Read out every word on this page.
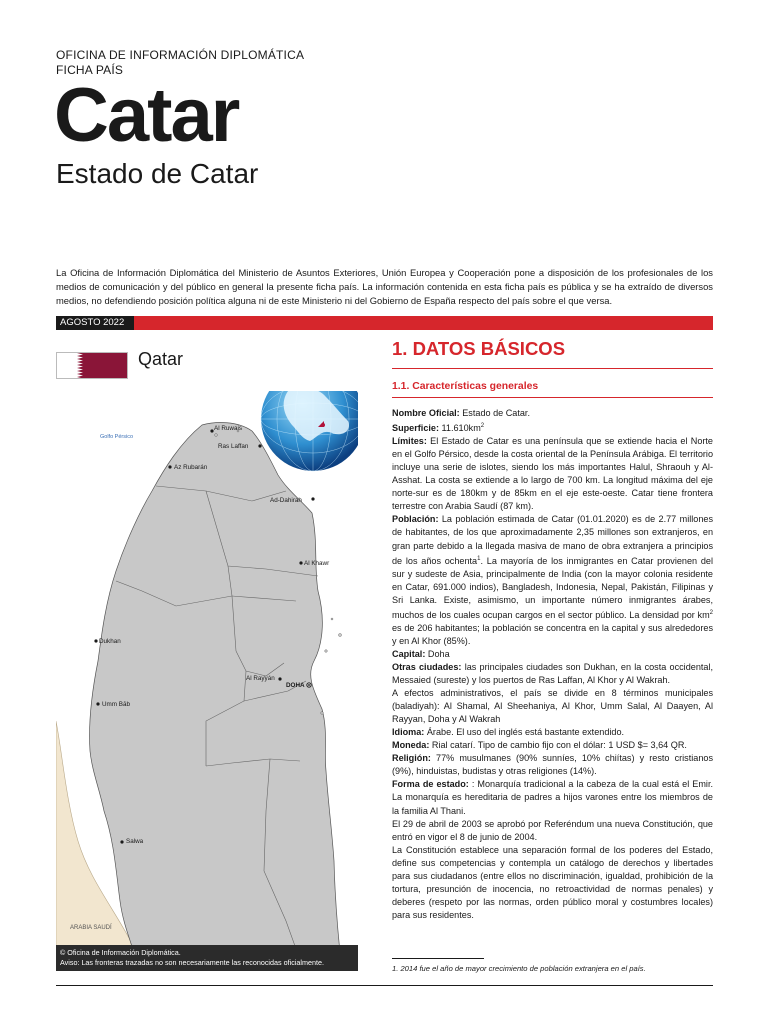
OFICINA DE INFORMACIÓN DIPLOMÁTICA
FICHA PAÍS
Catar
Estado de Catar
La Oficina de Información Diplomática del Ministerio de Asuntos Exteriores, Unión Europea y Cooperación pone a disposición de los profesionales de los medios de comunicación y del público en general la presente ficha país. La información contenida en esta ficha país es pública y se ha extraído de diversos medios, no defendiendo posición política alguna ni de este Ministerio ni del Gobierno de España respecto del país sobre el que versa.
AGOSTO 2022
Qatar
Golfo Pérsico
Al Ruwais
Ras Laffan
Az Rubarán
Ad-Dahirah
Al Khawr
Dukhan
Al Rayyán
DOHA
Umm Bāb
Salwa
ARABIA SAUDÍ
© Oficina de Información Diplomática.
Aviso: Las fronteras trazadas no son necesariamente las reconocidas oficialmente.
1. DATOS BÁSICOS
1.1. Características generales

Nombre Oficial: Estado de Catar.

Superficie: $11.610km^2$

Límites: El Estado de Catar es una península que se extiende hacia el Norte en el Golfo Pérsico, desde la costa oriental de la Península Arábiga. El territorio incluye una serie de islotes, siendo los más importantes Halul, Shraouh y Al-Asshat. La costa se extiende a lo largo de 700 km. La longitud máxima del eje norte-sur es de 180km y de 85km en el eje este-oeste. Catar tiene frontera terrestre con Arabia Saudí (87 km).

Población: La población estimada de Catar (01.01.2020) es de 2.77 millones de habitantes, de los que aproximadamente 2,35 millones son extranjeros, en gran parte debido a la llegada masiva de mano de obra extranjera a principios de los años ochenta$^1$. La mayoría de los inmigrantes en Catar provienen del sur y sudeste de Asia, principalmente de India (con la mayor colonia residente en Catar, 691.000 indios), Bangladesh, Indonesia, Nepal, Pakistán, Filipinas y Sri Lanka. Existe, asimismo, un importante número inmigrantes árabes, muchos de los cuales ocupan cargos en el sector público. La densidad por $km^2$ es de 206 habitantes; la población se concentra en la capital y sus alrededores y en Al Khor (85%).

Capital: Doha

Otras ciudades: las principales ciudades son Dukhan, en la costa occidental, Messaied (sureste) y los puertos de Ras Laffan, Al Khor y Al Wakrah.

A efectos administrativos, el país se divide en 8 términos municipales (baladiyah): Al Shamal, Al Sheehaniya, Al Khor, Umm Salal, Al Daayen, Al Rayyan, Doha y Al Wakrah

Idioma: Árabe. El uso del inglés está bastante extendido.

Moneda: Rial catarí. Tipo de cambio fijo con el dólar: 1 USD $= 3,64 QR.

Religión: 77% musulmanes (90% sunníes, 10% chiítas) y resto cristianos (9%), hinduistas, budistas y otras religiones (14%).

Forma de estado: : Monarquía tradicional a la cabeza de la cual está el Emir. La monarquía es hereditaria de padres a hijos varones entre los miembros de la familia Al Thani.

El 29 de abril de 2003 se aprobó por Referéndum una nueva Constitución, que entró en vigor el 8 de junio de 2004.

La Constitución establece una separación formal de los poderes del Estado, define sus competencias y contempla un catálogo de derechos y libertades para sus ciudadanos (entre ellos no discriminación, igualdad, prohibición de la tortura, presunción de inocencia, no retroactividad de normas penales) y deberes (respeto por las normas, orden público moral y costumbres locales) para sus residentes.

1. 2014 fue el año de mayor crecimiento de población extranjera en el país.
